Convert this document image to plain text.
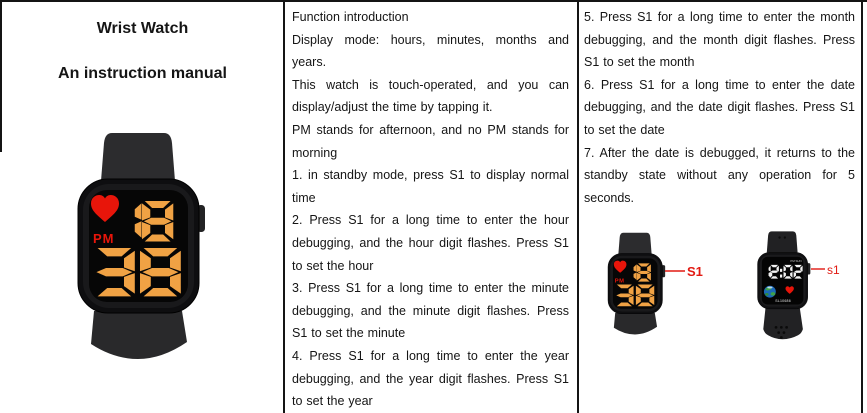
Wrist Watch
An instruction manual

Function introduction

Display mode: hours, minutes, months and years.

This watch is touch-operated, and you can display/adjust the time by tapping it.

PM stands for afternoon, and no PM stands for morning

1. in standby mode, press S1 to display normal time

2. Press S1 for a long time to enter the hour debugging, and the hour digit flashes. Press S1 to set the hour

3. Press S1 for a long time to enter the minute debugging, and the minute digit flashes. Press S1 to set the minute

4. Press S1 for a long time to enter the year debugging, and the year digit flashes. Press S1 to set the year

5. Press S1 for a long time to enter the month debugging, and the month digit flashes. Press S1 to set the month

6. Press S1 for a long time to enter the date debugging, and the date digit flashes. Press S1 to set the date

7. After the date is debugged, it returns to the standby state without any operation for 5 seconds.

S1	s1
